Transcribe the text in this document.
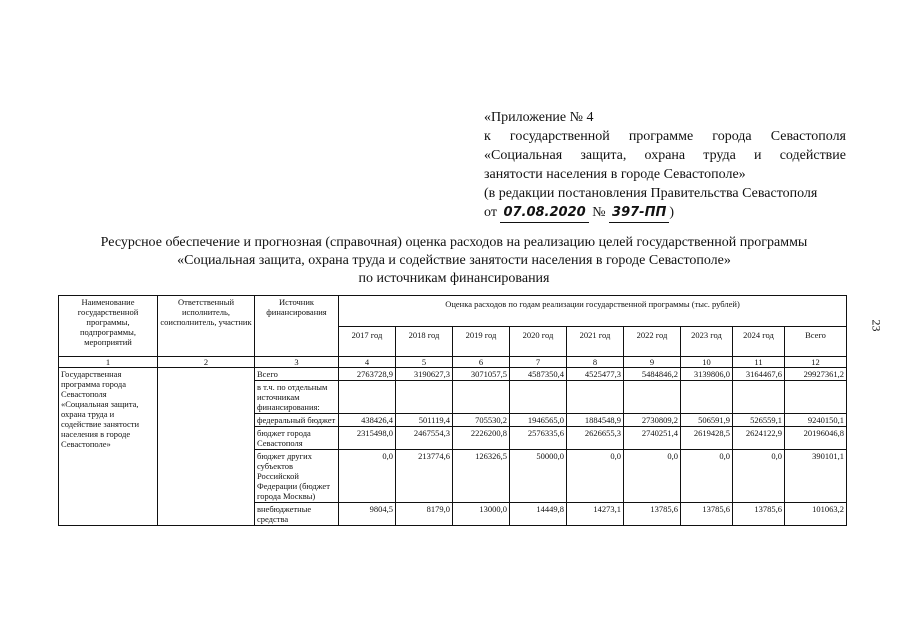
«Приложение № 4
к государственной программе города Севастополя
«Социальная защита, охрана труда и содействие
занятости населения в городе Севастополе»
(в редакции постановления Правительства Севастополя
от 07.08.2020 № 397-ПП )
Ресурсное обеспечение и прогнозная (справочная) оценка расходов на реализацию целей государственной программы
«Социальная защита, охрана труда и содействие занятости населения в городе Севастополе»
по источникам финансирования
23
Наименование государственной программы, подпрограммы, мероприятий	Ответственный исполнитель, соисполнитель, участник	Источник финансирования	Оценка расходов по годам реализации государственной программы (тыс. рублей)								
			2017 год	2018 год	2019 год	2020 год	2021 год	2022 год	2023 год	2024 год	Всего
1	2	3	4	5	6	7	8	9	10	11	12
Государственная программа города Севастополя «Социальная защита, охрана труда и содействие занятости населения в городе Севастополе»		Всего	2763728,9	3190627,3	3071057,5	4587350,4	4525477,3	5484846,2	3139806,0	3164467,6	29927361,2
		в т.ч. по отдельным источникам финансирования:									
		федеральный бюджет	438426,4	501119,4	705530,2	1946565,0	1884548,9	2730809,2	506591,9	526559,1	9240150,1
		бюджет города Севастополя	2315498,0	2467554,3	2226200,8	2576335,6	2626655,3	2740251,4	2619428,5	2624122,9	20196046,8
		бюджет других субъектов Российской Федерации (бюджет города Москвы)	0,0	213774,6	126326,5	50000,0	0,0	0,0	0,0	0,0	390101,1
		внебюджетные средства	9804,5	8179,0	13000,0	14449,8	14273,1	13785,6	13785,6	13785,6	101063,2
